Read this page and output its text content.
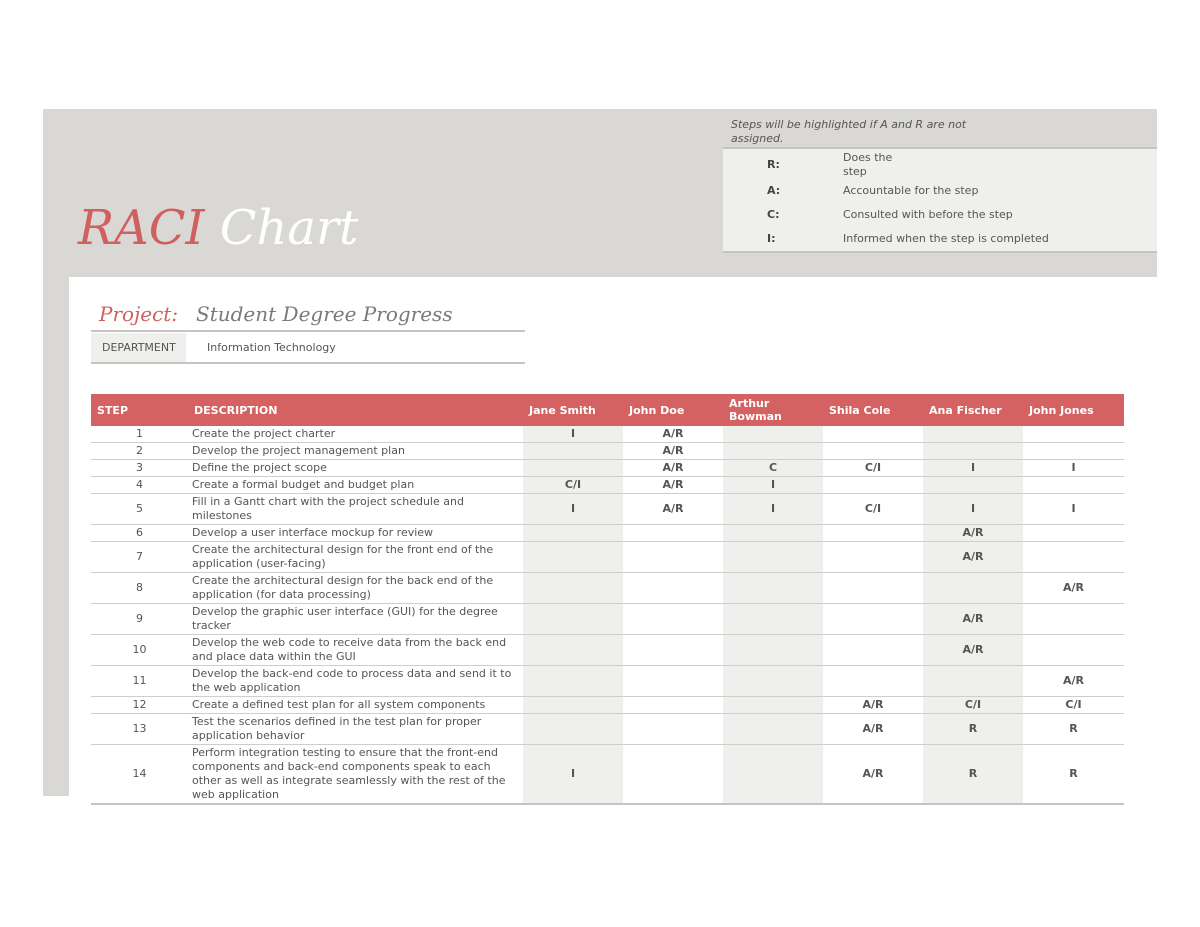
RACI Chart
Steps will be highlighted if A and R are not assigned.
R:
Does the step
A:	Accountable for the step
C:	Consulted with before the step
I:	Informed when the step is completed
Project: Student Degree Progress
DEPARTMENT	Information Technology
STEP	DESCRIPTION	Jane Smith	John Doe	Arthur Bowman	Shila Cole	Ana Fischer	John Jones
1	Create the project charter	I	A/R				
2	Develop the project management plan		A/R				
3	Define the project scope		A/R	C	C/I	I	I
4	Create a formal budget and budget plan	C/I	A/R	I			
5	Fill in a Gantt chart with the project schedule and milestones	I	A/R	I	C/I	I	I
6	Develop a user interface mockup for review					A/R	
7	Create the architectural design for the front end of the application (user-facing)					A/R	
8	Create the architectural design for the back end of the application (for data processing)						A/R
9	Develop the graphic user interface (GUI) for the degree tracker					A/R	
10	Develop the web code to receive data from the back end and place data within the GUI					A/R	
11	Develop the back-end code to process data and send it to the web application						A/R
12	Create a defined test plan for all system components				A/R	C/I	C/I
13	Test the scenarios defined in the test plan for proper application behavior				A/R	R	R
14	Perform integration testing to ensure that the front-end components and back-end components speak to each other as well as integrate seamlessly with the rest of the web application	I			A/R	R	R
